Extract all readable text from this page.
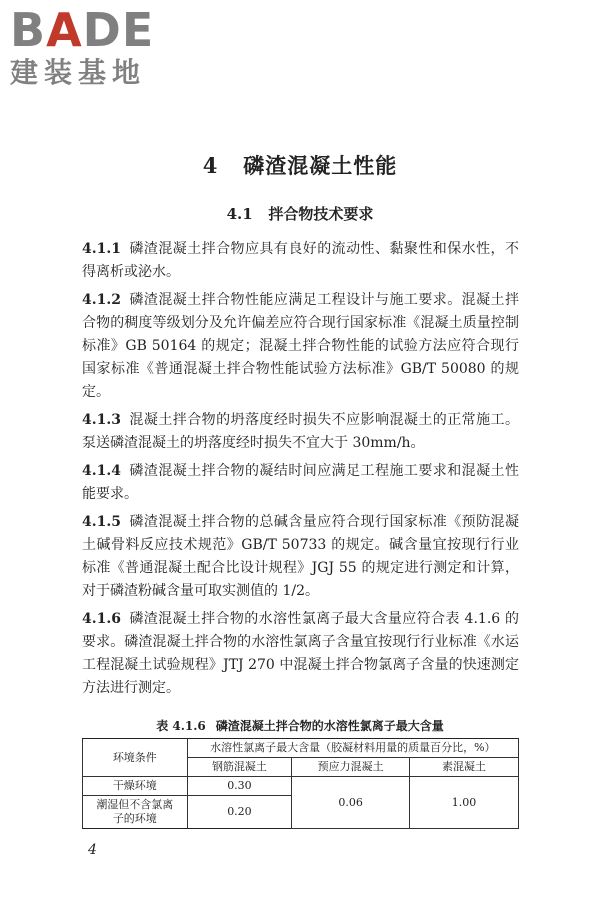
BADE
建装基地
4 磷渣混凝土性能
4.1 拌合物技术要求

4.1.1 磷渣混凝土拌合物应具有良好的流动性、黏聚性和保水性，不得离析或泌水。

4.1.2 磷渣混凝土拌合物性能应满足工程设计与施工要求。混凝土拌合物的稠度等级划分及允许偏差应符合现行国家标准《混凝土质量控制标准》GB 50164 的规定；混凝土拌合物性能的试验方法应符合现行国家标准《普通混凝土拌合物性能试验方法标准》GB/T 50080 的规定。

4.1.3 混凝土拌合物的坍落度经时损失不应影响混凝土的正常施工。泵送磷渣混凝土的坍落度经时损失不宜大于 30mm/h。

4.1.4 磷渣混凝土拌合物的凝结时间应满足工程施工要求和混凝土性能要求。

4.1.5 磷渣混凝土拌合物的总碱含量应符合现行国家标准《预防混凝土碱骨料反应技术规范》GB/T 50733 的规定。碱含量宜按现行行业标准《普通混凝土配合比设计规程》JGJ 55 的规定进行测定和计算，对于磷渣粉碱含量可取实测值的 1/2。

4.1.6 磷渣混凝土拌合物的水溶性氯离子最大含量应符合表 4.1.6 的要求。磷渣混凝土拌合物的水溶性氯离子含量宜按现行行业标准《水运工程混凝土试验规程》JTJ 270 中混凝土拌合物氯离子含量的快速测定方法进行测定。

表 4.1.6 磷渣混凝土拌合物的水溶性氯离子最大含量
环境条件	水溶性氯离子最大含量（胶凝材料用量的质量百分比，%）		
	钢筋混凝土	预应力混凝土	素混凝土
干燥环境	0.30	0.06	1.00
潮湿但不含氯离子的环境	0.20		
4
